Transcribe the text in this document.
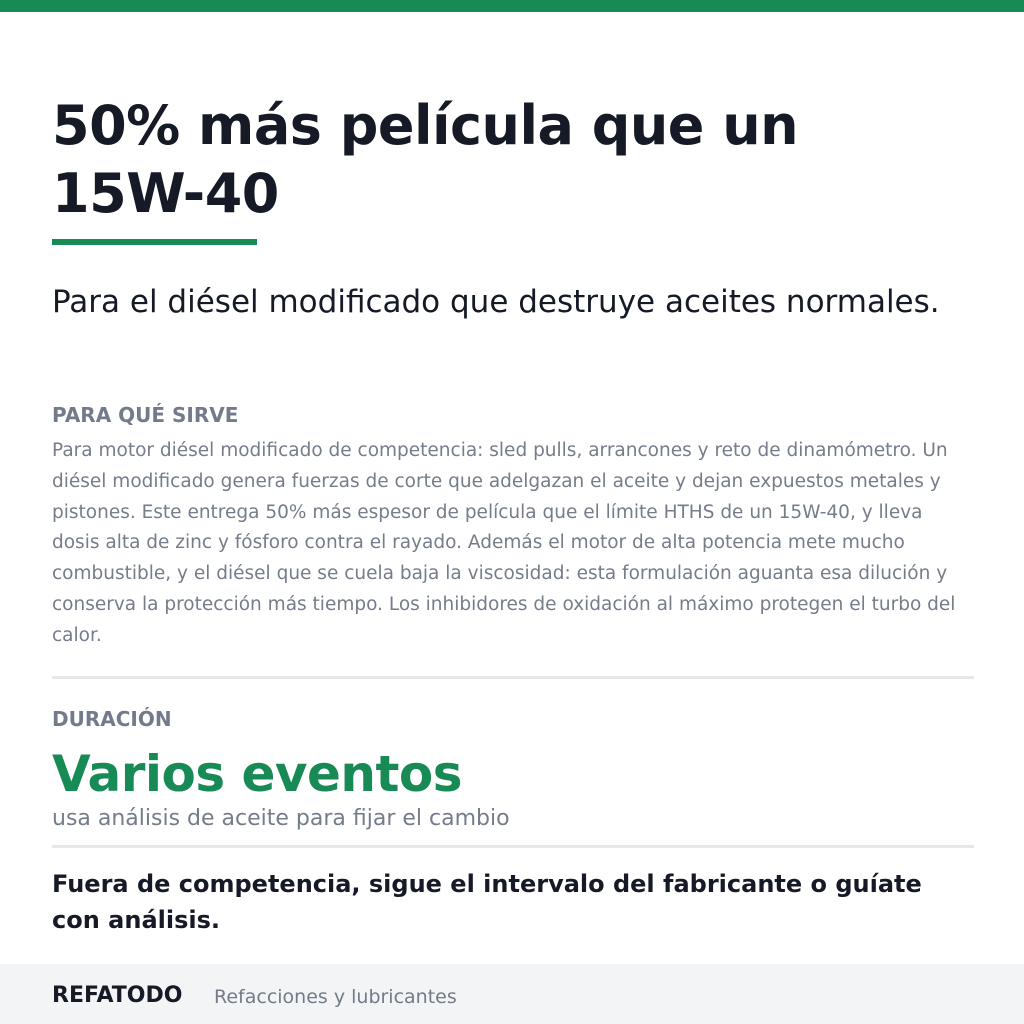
50% más película que un
15W-40

Para el diésel modificado que destruye aceites normales.

PARA QUÉ SIRVE

Para motor diésel modificado de competencia: sled pulls, arrancones y reto de dinamómetro. Un diésel modificado genera fuerzas de corte que adelgazan el aceite y dejan expuestos metales y pistones. Este entrega 50% más espesor de película que el límite HTHS de un 15W-40, y lleva dosis alta de zinc y fósforo contra el rayado. Además el motor de alta potencia mete mucho combustible, y el diésel que se cuela baja la viscosidad: esta formulación aguanta esa dilución y conserva la protección más tiempo. Los inhibidores de oxidación al máximo protegen el turbo del calor.

DURACIÓN
Varios eventos
usa análisis de aceite para fijar el cambio

Fuera de competencia, sigue el intervalo del fabricante o guíate con análisis.

REFATODO Refacciones y lubricantes
